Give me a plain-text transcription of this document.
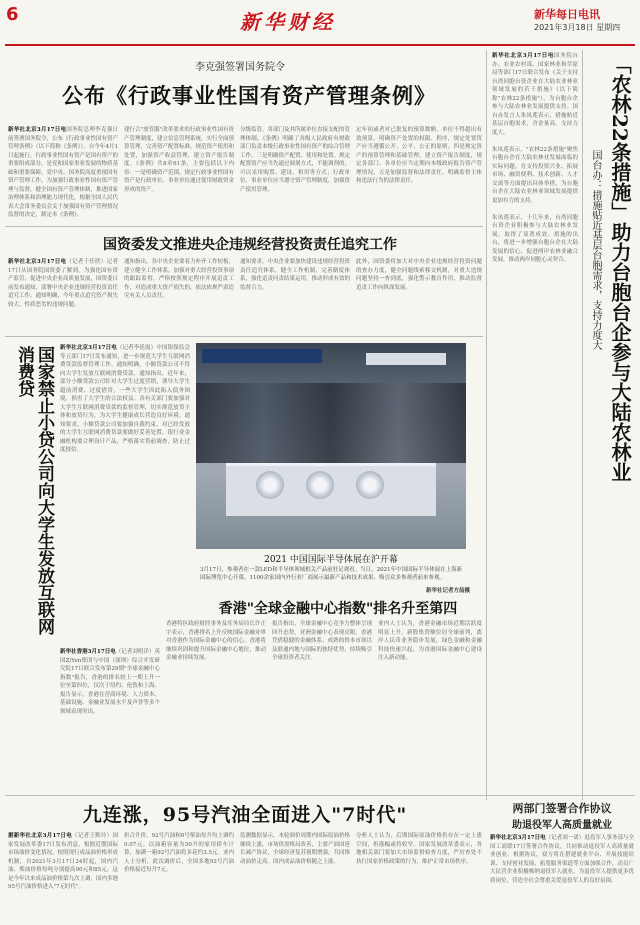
6	新华财经	新华每日电讯
2021年3月18日 星期四
李克强签署国务院令
公布《行政事业性国有资产管理条例》
新华社北京3月17日电国务院总理李克强日前签署国务院令，公布《行政事业性国有资产管理条例》（以下简称《条例》），自今年4月1日起施行。行政事业性国有资产是国有资产的重要组成部分，是党和国家事业发展的物质基础和重要保障。党中央、国务院高度重视国有资产管理工作，为加强行政事业性国有资产管理与监督，健全国有资产管理体制，推进国家治理体系和治理能力现代化，根据全国人民代表大会常务委员会关于加强国有资产管理情况监督的决定，制定本《条例》。
建行合"放管服"改革要求的行政事业性国有资产管理制度，建立信息管理系统，实行全面预算管理，完善资产配置标准，规范资产使用和处置，加强资产收益管理，建立资产报告制度。《条例》共8章61条，主要包括以下内容：一是明确资产范围，规定行政事业性国有资产是行政单位、事业单位通过使用财政资金形成的资产。
分级监管，各部门及其所属单位直接支配的管理体制。《条例》明确了各级人民政府有财政部门负责本级行政事业性国有资产的综合管理工作。三是明确资产配置、使用和处置。规定配置资产应当先通过调剂方式，不能调剂的，可以采用购置、建设、租用等方式；行政单位、事业单位应当遵守资产管理制度，加强资产使用管理。
定年初或者对已批复的预算数额，单位不得超出有效预算。明确资产处置的权限、程序，规定处置资产应当遵循公开、公平、公正的原则。四是规定资产的预算管理和基础管理，建立资产报告制度，规定各部门、各单位应当定期向本级政府报告资产管理情况。五是加强监督和法律责任，明确监督主体和违法行为的法律责任。
国资委发文推进央企违规经营投资责任追究工作
新华社北京3月17日电（记者于佳欣）记者17日从国务院国资委了解到，为强化国有资产监管，促进中央企业高质量发展，国资委日前发布通知，部署中央企业违规经营投资责任追究工作。通知明确，今年重点追究资产损失较大、性质恶劣的违规问题。
通知指出，各中央企业要着力补齐工作短板，建立健全工作体系，加强对重大经营投资事项的跟踪监督，严格按照规定程序开展追责工作，对造成重大资产损失的，依法依规严肃追究有关人员责任。
通知要求，中央企业要加快建设违规经营投资责任追究体系，健全工作机制，完善制度体系，强化追责问责结果运用，推动形成有效的监督合力。
此外，国资委将加大对中央企业违规经营投资问题的查办力度，健全问题线索移交机制，对重大违规问题坚持一查到底，强化警示教育作用，推动监督追责工作向纵深发展。
国家禁止小贷公司向大学生发放互联网消费贷	新华社北京3月17日电（记者李延霞）中国银保监会等五部门17日发布通知，进一步规范大学生互联网消费贷款监督管理工作。通知明确，小额贷款公司不得向大学生发放互联网消费贷款。通知指出，近年来，部分小额贷款公司针对大学生过度营销，诱导大学生超前消费、过度借贷，一些大学生因此陷入债务困境，损害了大学生的合法权益。各有关部门要加强对大学生互联网消费贷款的监督管理，切实规范放贷主体和放贷行为，为大学生健康成长营造良好环境。通知要求，小额贷款公司要加强自我约束，对已经发放的大学生互联网消费贷款要做好妥善处置。银行业金融机构要合理设计产品，严格落实贷前调查，防止过度授信。
2021 中国国际半导体展在沪开幕
3月17日，参观者在一款LED和半导体领域相关产品前驻足观看。当日，2021年中国国际半导体展在上海新国际博览中心开幕，1100余家国内外行业厂商展示最新产品和技术成果，吸引众多参观者前来参观。
新华社记者方喆摄
香港"全球金融中心指数"排名升至第四
新华社香港3月17日电（记者刘明洋）英国Z/Yen集团与中国（深圳）综合开发研究院17日联合发布第29期"全球金融中心指数"报告，香港的排名较上一期上升一位至第四位，仅次于纽约、伦敦和上海。报告显示，香港在营商环境、人力资本、基础设施、金融业发展水平及声誉等多个领域表现突出。
香港特区政府财经事务及库务局局长许正宇表示，香港排名上升反映国际金融业界对香港作为国际金融中心的信心。香港将继续巩固和提升国际金融中心地位，推动金融业持续发展。
报告指出，全球金融中心竞争力整体呈现回升态势，亚洲金融中心表现亮眼。香港凭借稳健的金融体系、成熟的资本市场以及联通内地与国际的独特优势，持续吸引全球投资者关注。
业内人士认为，香港金融市场近期活跃度明显上升，新股集资额位居全球前列，离岸人民币业务稳步发展，绿色金融和金融科技快速兴起，为香港国际金融中心建设注入新动能。
九连涨，95号汽油全面进入"7时代"
据新华社北京3月17日电（记者王默玲）国家发展改革委17日发布消息，根据近期国际市场油价变化情况，按照现行成品油价格形成机制，自2021年3月17日24时起，国内汽油、柴油价格每吨分别提高90元和85元。这是今年以来成品油价格第九次上调，国内多地95号汽油价格进入"7元时代"。
折合升价，92号汽油和0号柴油每升均上调约0.07元。以油箱容量为50升的家用轿车计算，加满一箱92号汽油将多花约3.5元。业内人士分析，此次调价后，全国多地92号汽油价格接近每升7元。
监测数据显示，本轮调价周期内国际原油价格继续上涨，市场供需格局改善，主要产油国延长减产协议，全球经济复苏预期增强，共同推动油价走高。国内成品油价格随之上涨。
分析人士认为，后期国际原油价格仍存在一定上涨空间，但涨幅或将收窄。国家发展改革委表示，各地相关部门要加大市场监督检查力度，严厉查处不执行国家价格政策的行为，维护正常市场秩序。
新华社北京3月17日电国务院台办、农业农村部、国家林业和草原局等部门17日联合发布《关于支持台湾同胞台资企业在大陆农业林业领域发展的若干措施》（以下简称"农林22条措施"），为台胞台企参与大陆农林业发展提供支持。国台办发言人朱凤莲表示，措施贴近基层台胞需求，含金量高、支持力度大。

朱凤莲表示，"农林22条措施"聚焦台胞台企在大陆农林业发展面临的实际问题，在支持投资兴业、拓展市场、融资便利、技术创新、人才交流等方面提出具体举措，为台胞台企在大陆农业林业领域发展提供更加有力的支持。

朱凤莲表示，十几年来，台湾同胞台资企业积极参与大陆农林业发展，取得了显著成效。措施的出台，将进一步增强台胞台企在大陆发展的信心，促进两岸农林业融合发展，推动两岸同胞心灵契合。	「农林22条措施」助力台胞台企参与大陆农林业
国台办：措施贴近基层台胞需求，支持力度大
两部门签署合作协议
助退役军人高质量就业
新华社北京3月17日电（记者刘一诺）退役军人事务部与全国工商联17日签署合作协议，共同推动退役军人高质量就业创业。根据协议，双方将在搭建就业平台、开展技能培训、支持创业发展、拓宽服务渠道等方面加强合作，动员广大民营企业积极吸纳退役军人就业，为退役军人提供更多优质岗位，营造全社会尊重关爱退役军人的良好氛围。
